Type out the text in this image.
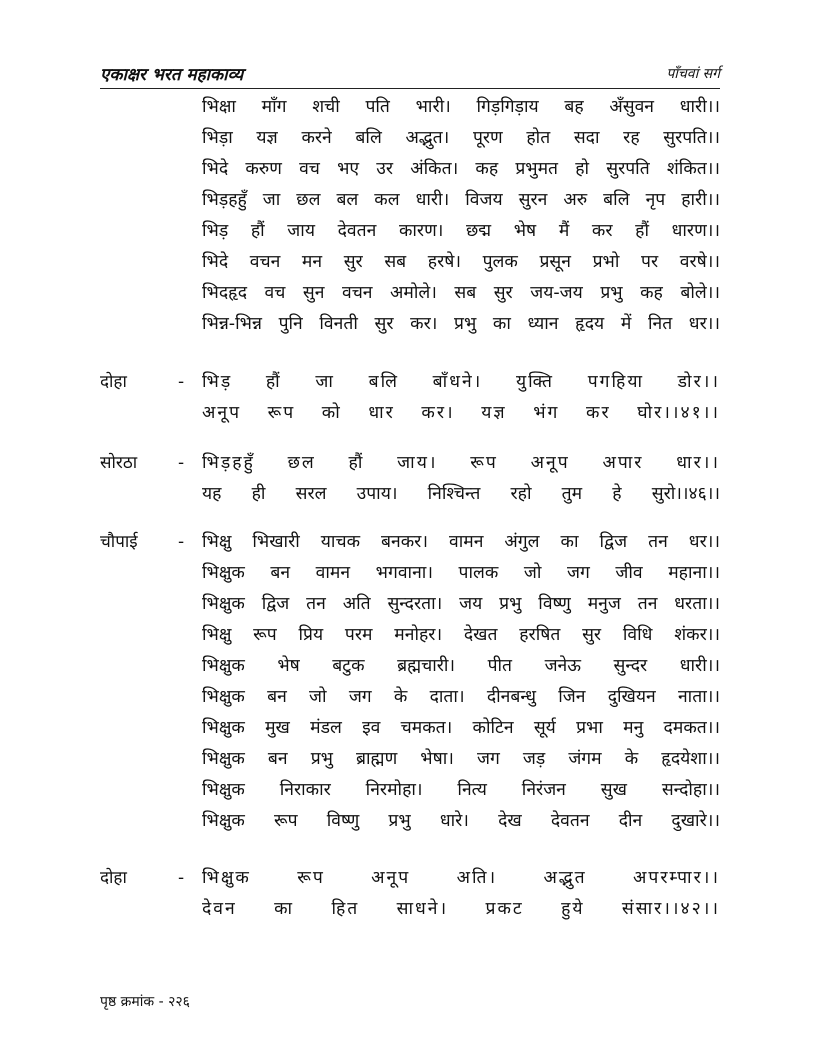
एकाक्षर भरत महाकाव्य	पाँचवां सर्ग
भिक्षा माँग शची पति भारी। गिड़गिड़ाय बह अँसुवन धारी।।
भिड़ा यज्ञ करने बलि अद्भुत। पूरण होत सदा रह सुरपति।।
भिदे करुण वच भए उर अंकित। कह प्रभुमत हो सुरपति शंकित।।
भिड़हहुँ जा छल बल कल धारी। विजय सुरन अरु बलि नृप हारी।।
भिड़ हौं जाय देवतन कारण। छद्म भेष मैं कर हौं धारण।।
भिदे वचन मन सुर सब हरषे। पुलक प्रसून प्रभो पर वरषे।।
भिदहृद वच सुन वचन अमोले। सब सुर जय-जय प्रभु कह बोले।।
भिन्न-भिन्न पुनि विनती सुर कर। प्रभु का ध्यान हृदय में नित धर।।
दोहा	-	भिड़ हौं जा बलि बाँधने। युक्ति पगहिया डोर।।
अनूप रूप को धार कर। यज्ञ भंग कर घोर।।४१।।
सोरठा	-	भिड़हहुँ छल हौं जाय। रूप अनूप अपार धार।।
यह ही सरल उपाय। निश्चिन्त रहो तुम हे सुरो।।४६।।
चौपाई	-	भिक्षु भिखारी याचक बनकर। वामन अंगुल का द्विज तन धर।।
भिक्षुक बन वामन भगवाना। पालक जो जग जीव महाना।।
भिक्षुक द्विज तन अति सुन्दरता। जय प्रभु विष्णु मनुज तन धरता।।
भिक्षु रूप प्रिय परम मनोहर। देखत हरषित सुर विधि शंकर।।
भिक्षुक भेष बटुक ब्रह्मचारी। पीत जनेऊ सुन्दर धारी।।
भिक्षुक बन जो जग के दाता। दीनबन्धु जिन दुखियन नाता।।
भिक्षुक मुख मंडल इव चमकत। कोटिन सूर्य प्रभा मनु दमकत।।
भिक्षुक बन प्रभु ब्राह्मण भेषा। जग जड़ जंगम के हृदयेशा।।
भिक्षुक निराकार निरमोहा। नित्य निरंजन सुख सन्दोहा।।
भिक्षुक रूप विष्णु प्रभु धारे। देख देवतन दीन दुखारे।।
दोहा	-	भिक्षुक रूप अनूप अति। अद्भुत अपरम्पार।।
देवन का हित साधने। प्रकट हुये संसार।।४२।।
पृष्ठ क्रमांक - २२६
